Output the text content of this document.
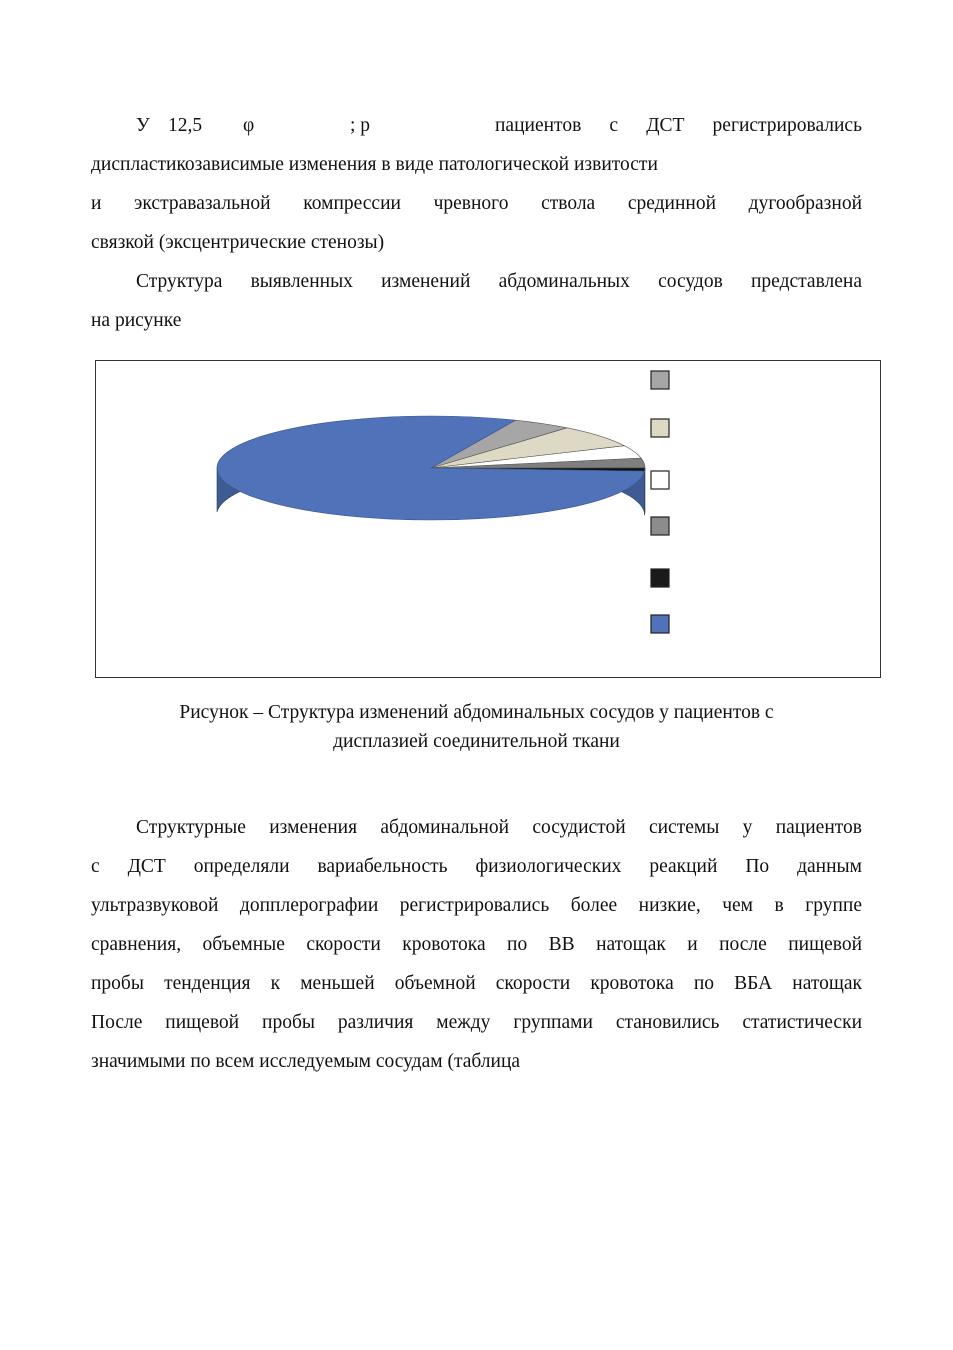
У 12,5 φ	; р	пациентов с ДСТ регистрировались

диспластикозависимые изменения в виде патологической извитости

и экстравазальной компрессии чревного ствола срединной дугообразной

связкой (эксцентрические стенозы)

Структура выявленных изменений абдоминальных сосудов представлена

на рисунке

Рисунок – Структура изменений абдоминальных сосудов у пациентов с
дисплазией соединительной ткани

Структурные изменения абдоминальной сосудистой системы у пациентов

с ДСТ определяли вариабельность физиологических реакций По данным

ультразвуковой допплерографии регистрировались более низкие, чем в группе

сравнения, объемные скорости кровотока по ВВ натощак и после пищевой

пробы тенденция к меньшей объемной скорости кровотока по ВБА натощак

После пищевой пробы различия между группами становились статистически

значимыми по всем исследуемым сосудам (таблица
